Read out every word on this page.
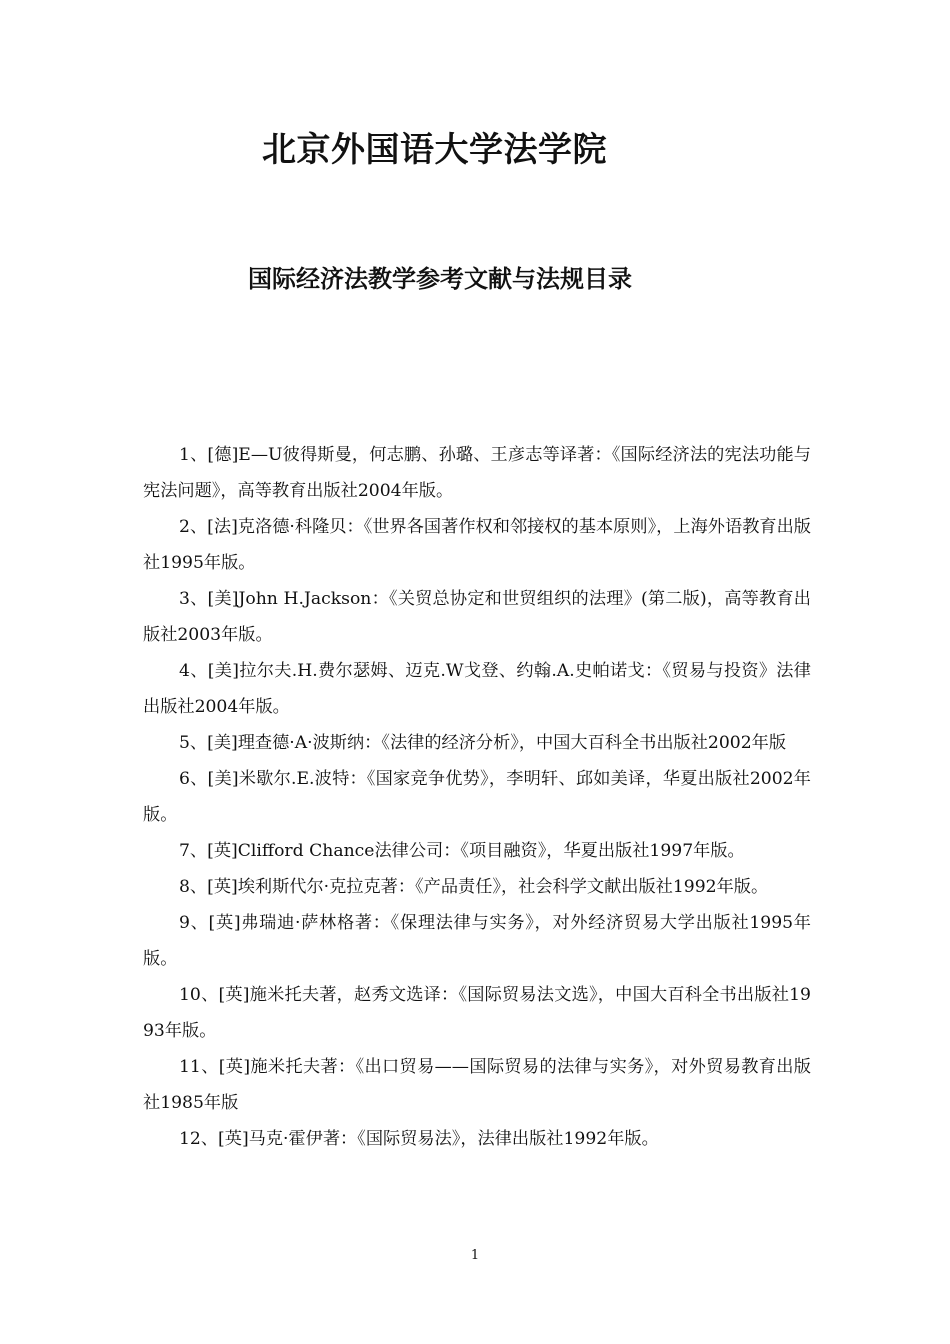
北京外国语大学法学院
国际经济法教学参考文献与法规目录

1、[德]E—U彼得斯曼，何志鹏、孙璐、王彦志等译著：《国际经济法的宪法功能与宪法问题》，高等教育出版社2004年版。

2、[法]克洛德·科隆贝：《世界各国著作权和邻接权的基本原则》，上海外语教育出版社1995年版。

3、[美]John H.Jackson：《关贸总协定和世贸组织的法理》(第二版)，高等教育出版社2003年版。

4、[美]拉尔夫.H.费尔瑟姆、迈克.W戈登、约翰.A.史帕诺戈：《贸易与投资》法律出版社2004年版。

5、[美]理查德·A·波斯纳：《法律的经济分析》，中国大百科全书出版社2002年版

6、[美]米歇尔.E.波特：《国家竞争优势》，李明轩、邱如美译，华夏出版社2002年版。

7、[英]Clifford Chance法律公司：《项目融资》，华夏出版社1997年版。

8、[英]埃利斯代尔·克拉克著：《产品责任》，社会科学文献出版社1992年版。

9、[英]弗瑞迪·萨林格著：《保理法律与实务》，对外经济贸易大学出版社1995年版。

10、[英]施米托夫著，赵秀文选译：《国际贸易法文选》，中国大百科全书出版社1993年版。

11、[英]施米托夫著：《出口贸易——国际贸易的法律与实务》，对外贸易教育出版社1985年版

12、[英]马克·霍伊著：《国际贸易法》，法律出版社1992年版。

1
